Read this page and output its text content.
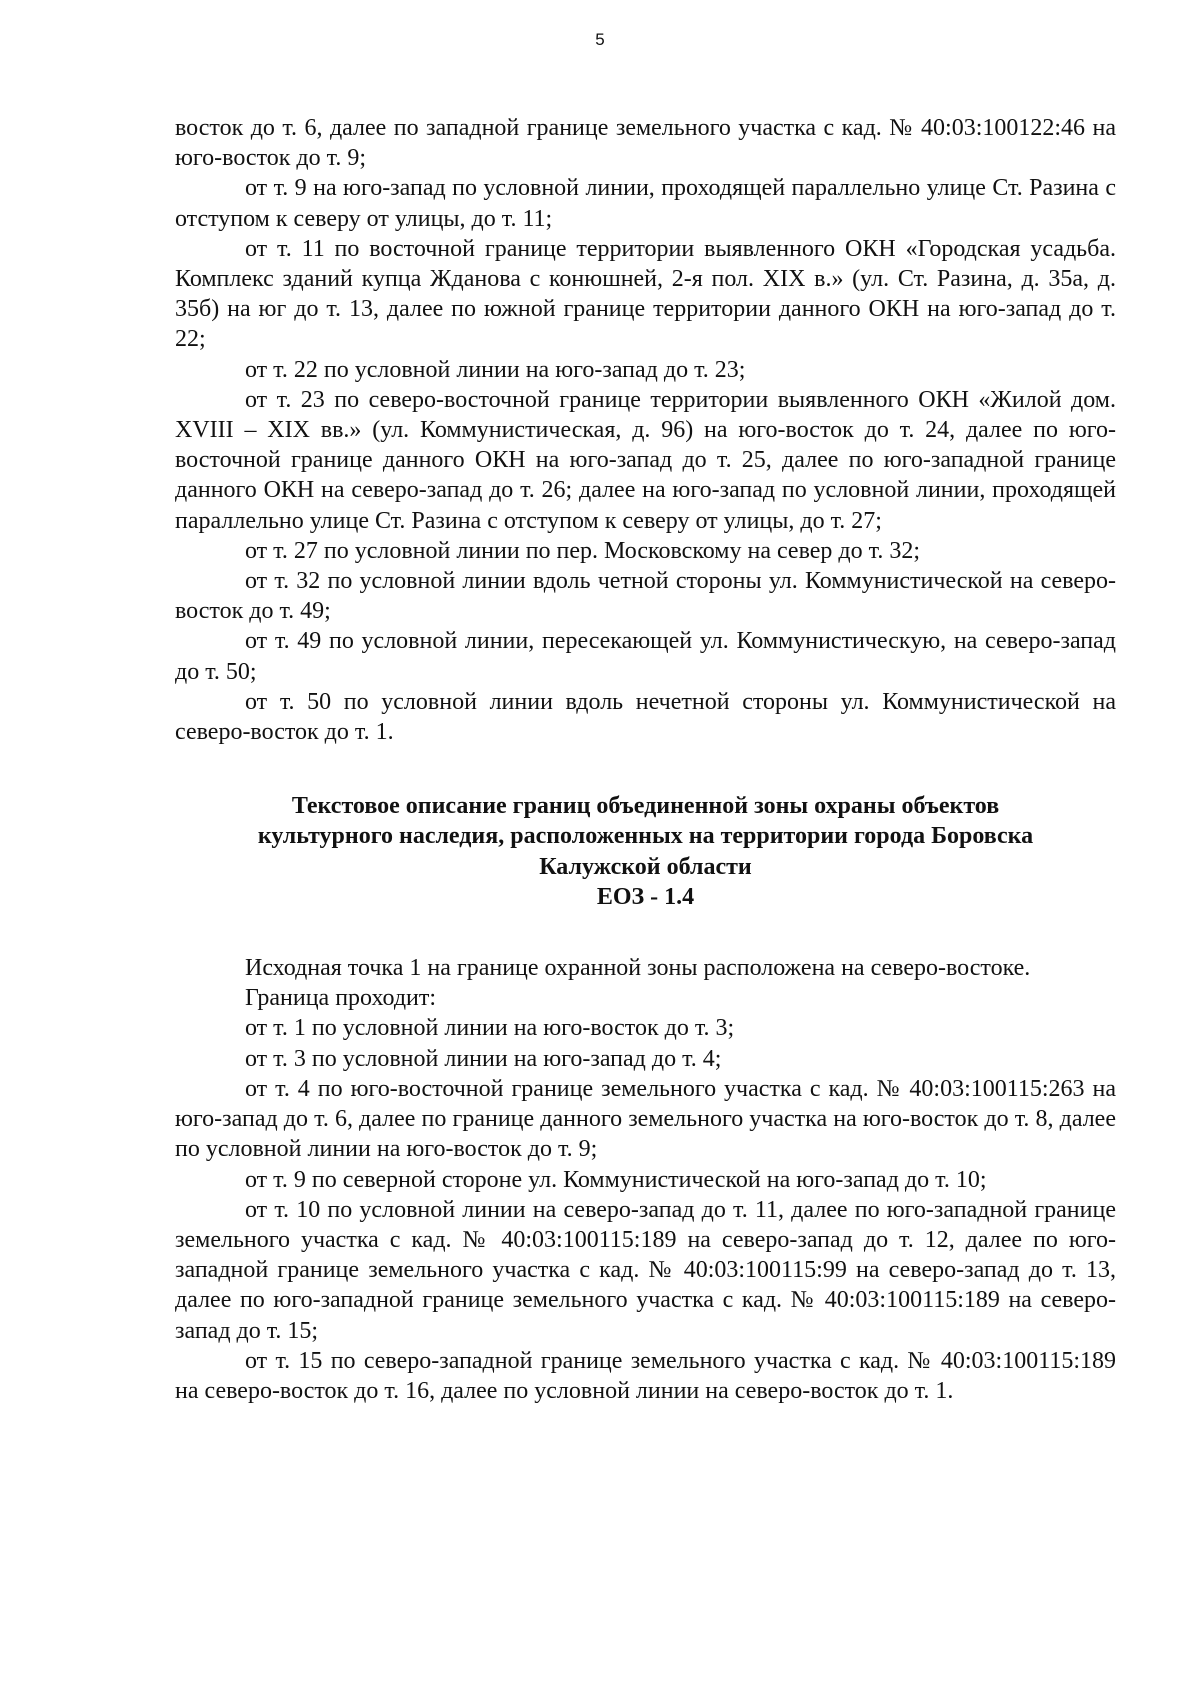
5

восток до т. 6, далее по западной границе земельного участка с кад. № 40:03:100122:46 на юго-восток до т. 9;

от т. 9 на юго-запад по условной линии, проходящей параллельно улице Ст. Разина с отступом к северу от улицы, до т. 11;

от т. 11 по восточной границе территории выявленного ОКН «Городская усадьба. Комплекс зданий купца Жданова с конюшней, 2-я пол. XIX в.» (ул. Ст. Разина, д. 35а, д. 35б) на юг до т. 13, далее по южной границе территории данного ОКН на юго-запад до т. 22;

от т. 22 по условной линии на юго-запад до т. 23;

от т. 23 по северо-восточной границе территории выявленного ОКН «Жилой дом. XVIII – XIX вв.» (ул. Коммунистическая, д. 96) на юго-восток до т. 24, далее по юго-восточной границе данного ОКН на юго-запад до т. 25, далее по юго-западной границе данного ОКН на северо-запад до т. 26; далее на юго-запад по условной линии, проходящей параллельно улице Ст. Разина с отступом к северу от улицы, до т. 27;

от т. 27 по условной линии по пер. Московскому на север до т. 32;

от т. 32 по условной линии вдоль четной стороны ул. Коммунистической на северо-восток до т. 49;

от т. 49 по условной линии, пересекающей ул. Коммунистическую, на северо-запад до т. 50;

от т. 50 по условной линии вдоль нечетной стороны ул. Коммунистической на северо-восток до т. 1.

Текстовое описание границ объединенной зоны охраны объектов

культурного наследия, расположенных на территории города Боровска

Калужской области

ЕОЗ - 1.4

Исходная точка 1 на границе охранной зоны расположена на северо-востоке.

Граница проходит:

от т. 1 по условной линии на юго-восток до т. 3;

от т. 3 по условной линии на юго-запад до т. 4;

от т. 4 по юго-восточной границе земельного участка с кад. № 40:03:100115:263 на юго-запад до т. 6, далее по границе данного земельного участка на юго-восток до т. 8, далее по условной линии на юго-восток до т. 9;

от т. 9 по северной стороне ул. Коммунистической на юго-запад до т. 10;

от т. 10 по условной линии на северо-запад до т. 11, далее по юго-западной границе земельного участка с кад. № 40:03:100115:189 на северо-запад до т. 12, далее по юго-западной границе земельного участка с кад. № 40:03:100115:99 на северо-запад до т. 13, далее по юго-западной границе земельного участка с кад. № 40:03:100115:189 на северо-запад до т. 15;

от т. 15 по северо-западной границе земельного участка с кад. № 40:03:100115:189 на северо-восток до т. 16, далее по условной линии на северо-восток до т. 1.
